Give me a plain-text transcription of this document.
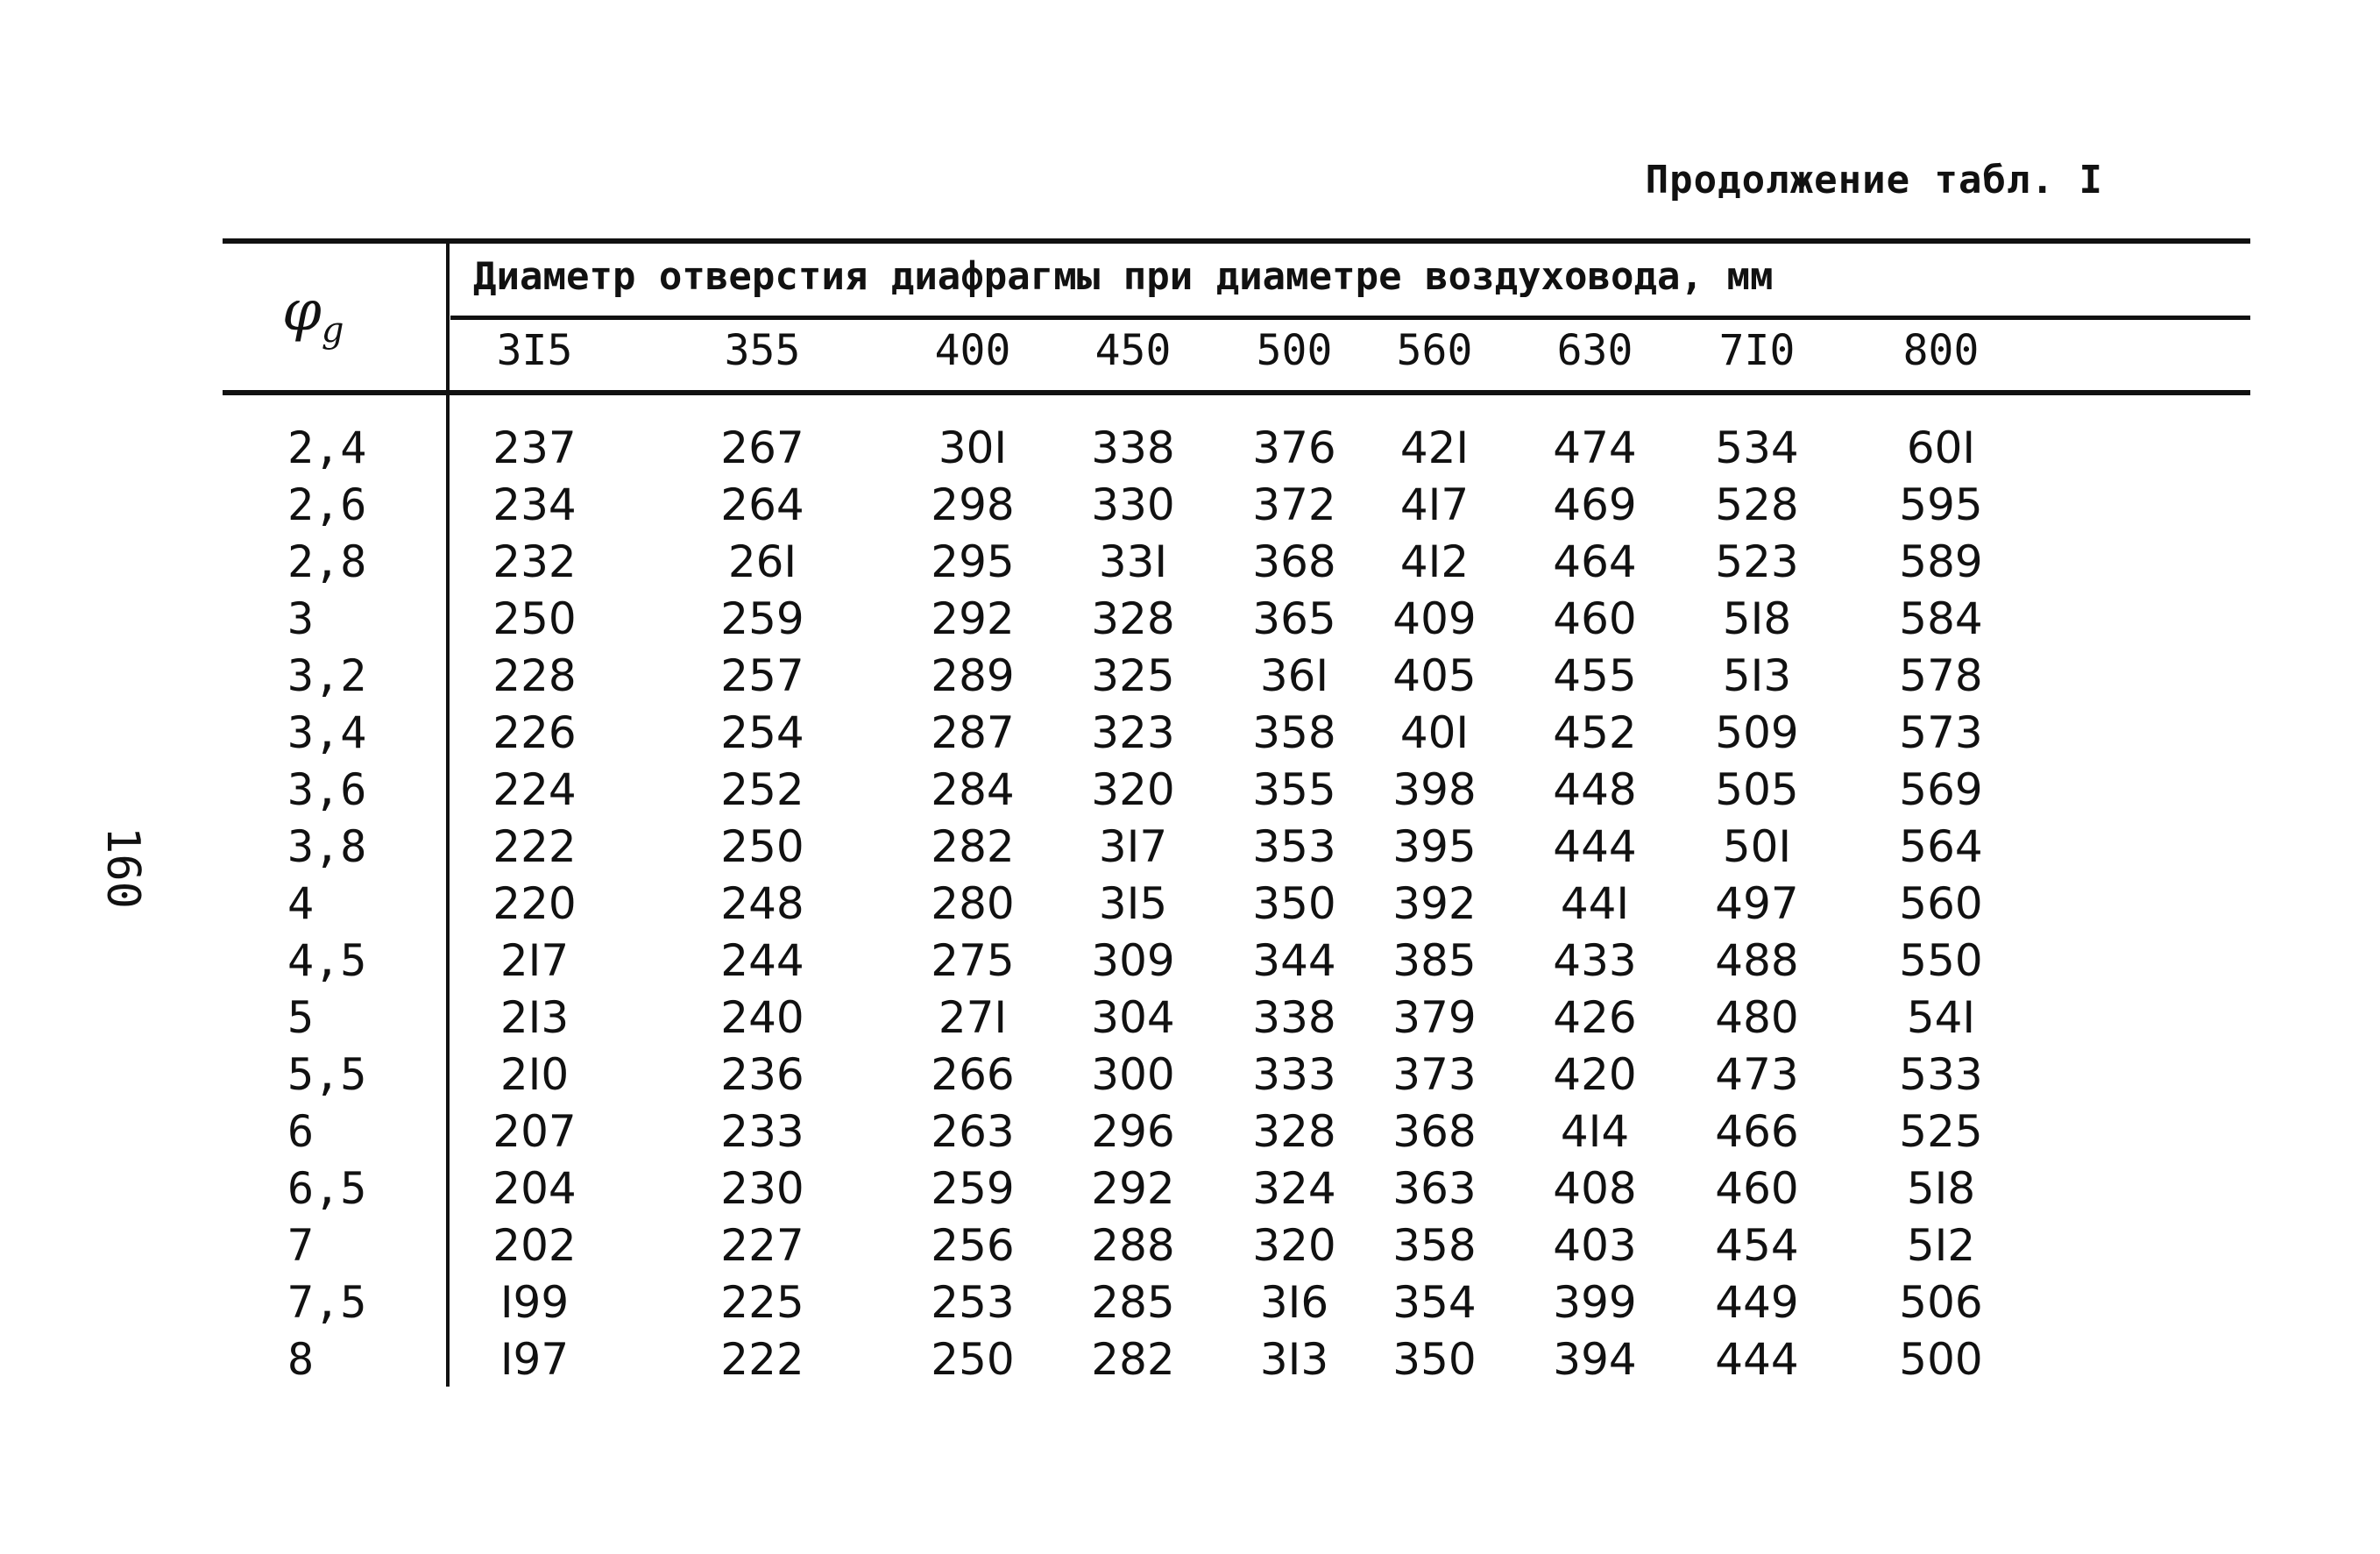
Продолжение табл. I
160
$\varphi_g$
Диаметр отверстия диафрагмы при диаметре воздуховода, мм
3I5	355	400	450	500	560	630	7I0	800
2,4	237	267	30I	338	376	42I	474	534	60I
2,6	234	264	298	330	372	4I7	469	528	595
2,8	232	26I	295	33I	368	4I2	464	523	589
3	250	259	292	328	365	409	460	5I8	584
3,2	228	257	289	325	36I	405	455	5I3	578
3,4	226	254	287	323	358	40I	452	509	573
3,6	224	252	284	320	355	398	448	505	569
3,8	222	250	282	3I7	353	395	444	50I	564
4	220	248	280	3I5	350	392	44I	497	560
4,5	2I7	244	275	309	344	385	433	488	550
5	2I3	240	27I	304	338	379	426	480	54I
5,5	2I0	236	266	300	333	373	420	473	533
6	207	233	263	296	328	368	4I4	466	525
6,5	204	230	259	292	324	363	408	460	5I8
7	202	227	256	288	320	358	403	454	5I2
7,5	I99	225	253	285	3I6	354	399	449	506
8	I97	222	250	282	3I3	350	394	444	500
